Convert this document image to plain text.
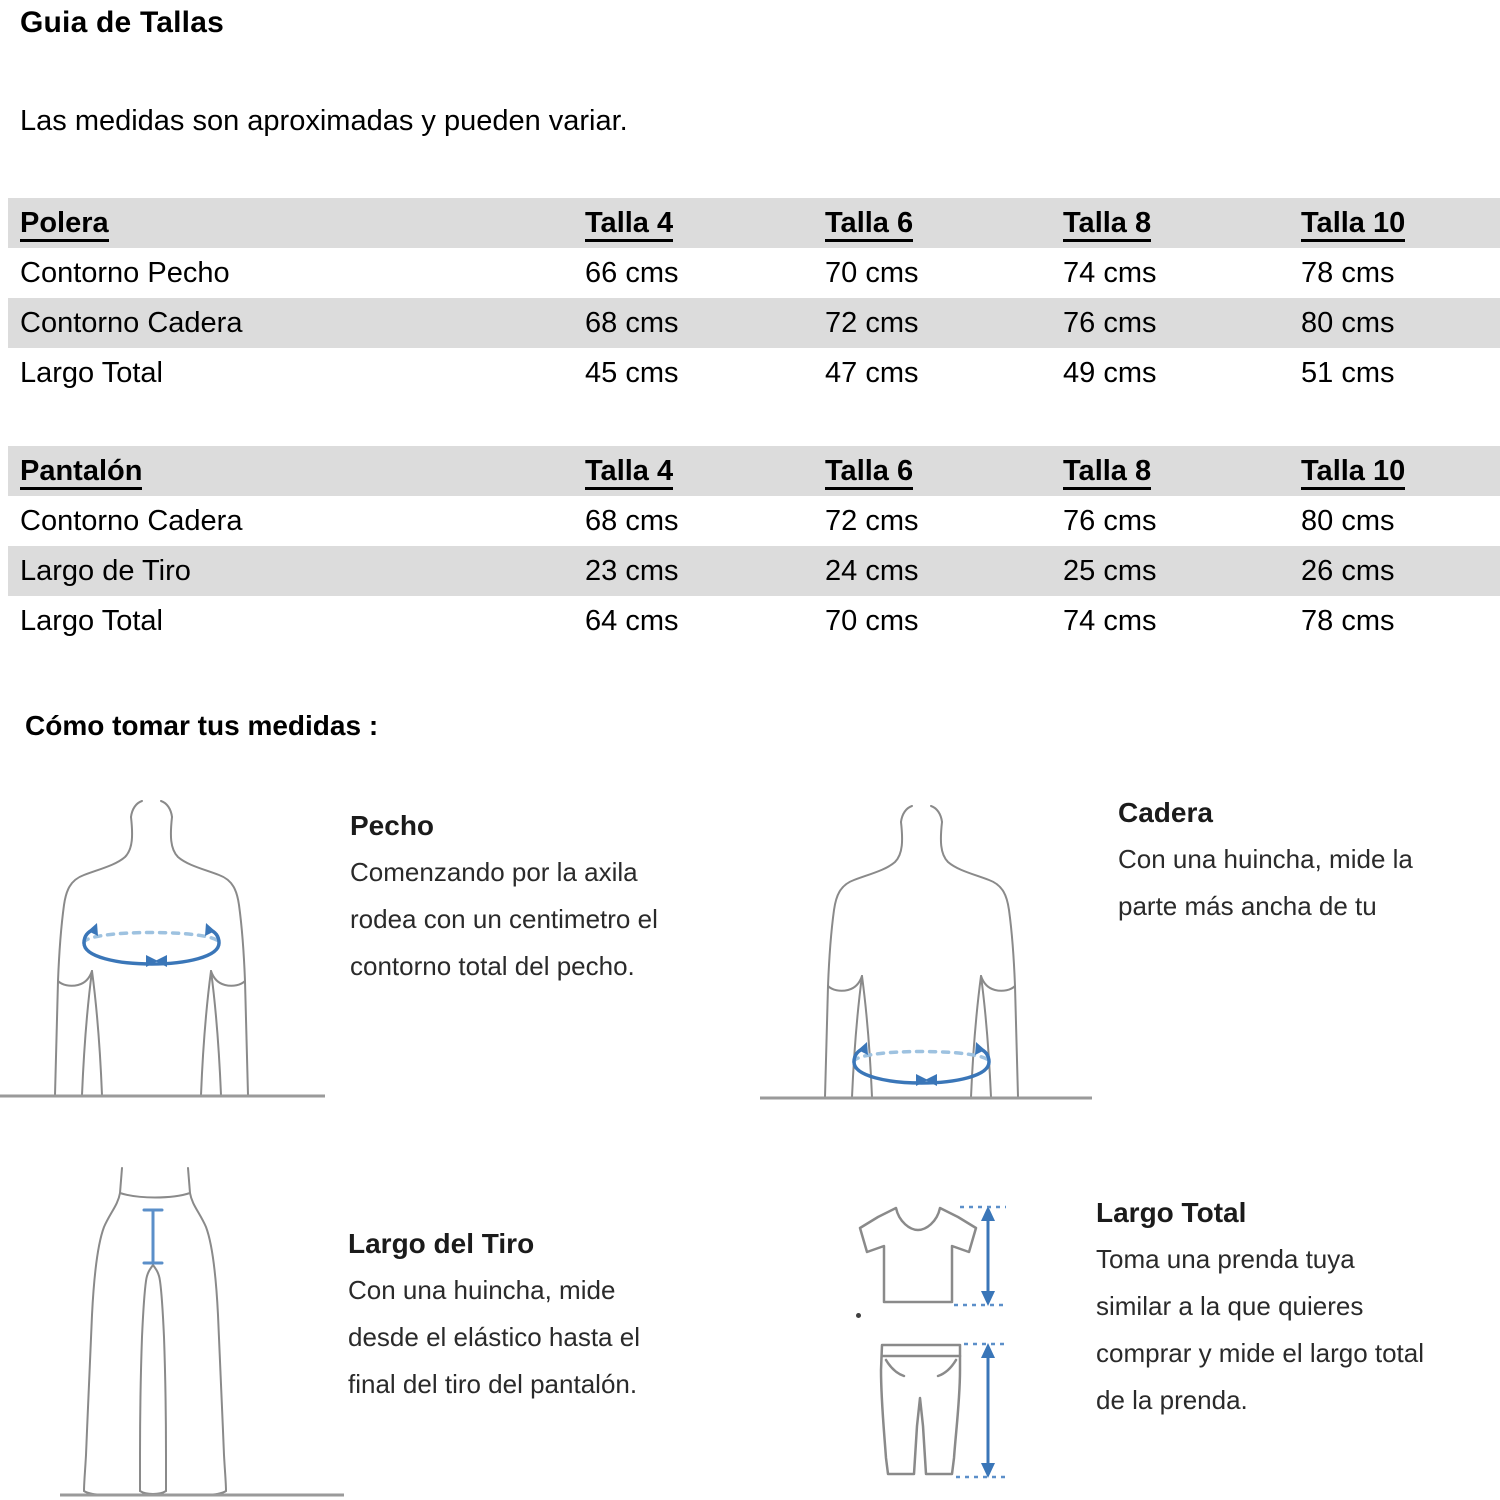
Guia de Tallas
Las medidas son aproximadas y pueden variar.
Polera	Talla 4	Talla 6	Talla 8	Talla 10
Contorno Pecho	66 cms	70 cms	74 cms	78 cms
Contorno Cadera	68 cms	72 cms	76 cms	80 cms
Largo Total	45 cms	47 cms	49 cms	51 cms
Pantalón	Talla 4	Talla 6	Talla 8	Talla 10
Contorno Cadera	68 cms	72 cms	76 cms	80 cms
Largo de Tiro	23 cms	24 cms	25 cms	26 cms
Largo Total	64 cms	70 cms	74 cms	78 cms
Cómo tomar tus medidas :
Pecho

Comenzando por la axila

rodea con un centimetro el

contorno total del pecho.

Cadera

Con una huincha, mide la

parte más ancha de tu

Largo del Tiro

Con una huincha, mide

desde el elástico hasta el

final del tiro del pantalón.

Largo Total

Toma una prenda tuya

similar a la que quieres

comprar y mide el largo total

de la prenda.
